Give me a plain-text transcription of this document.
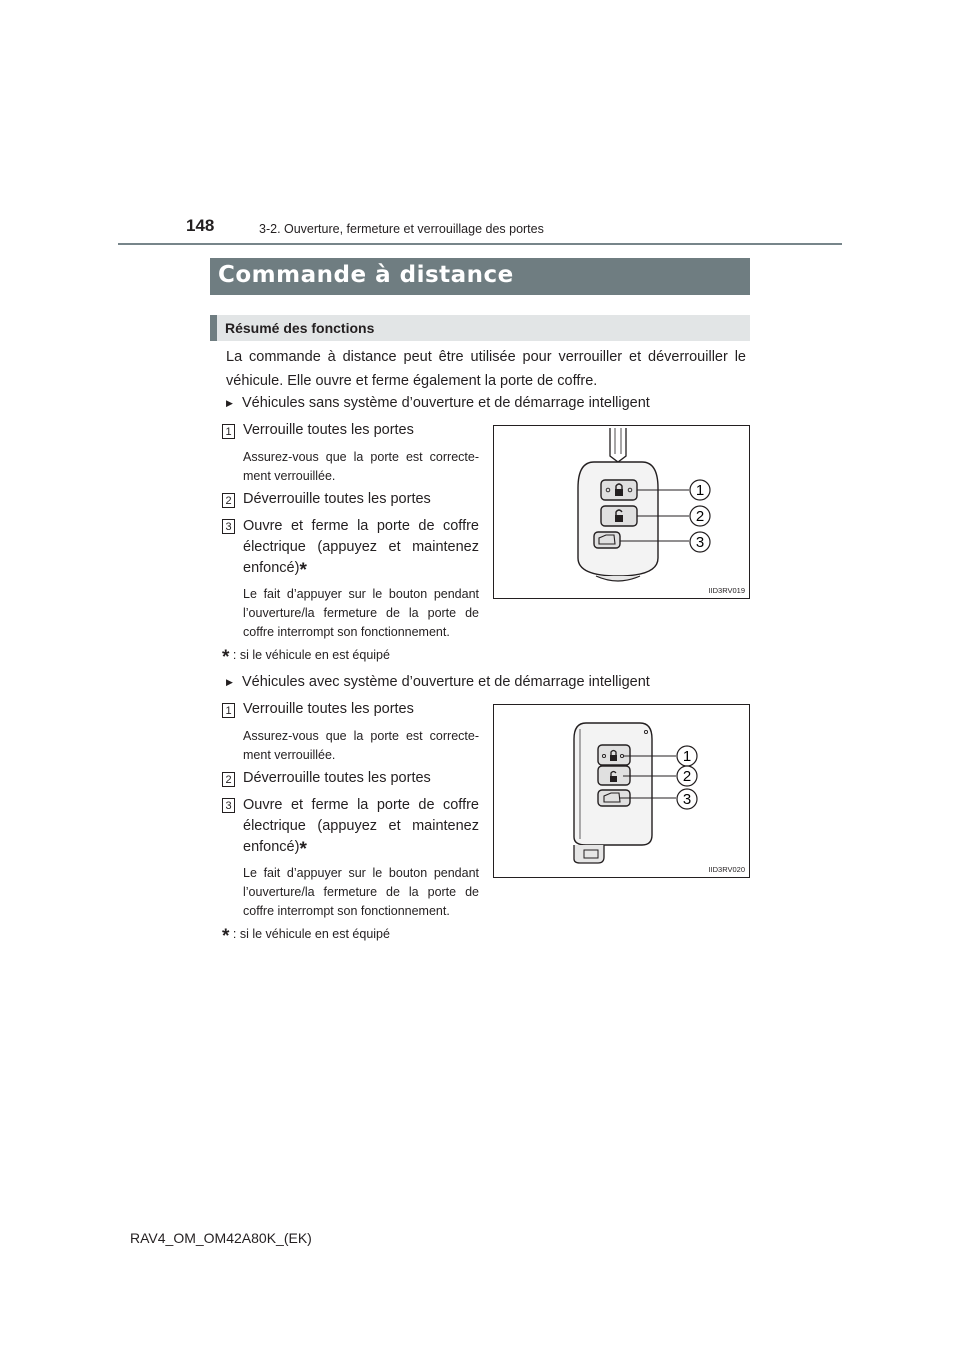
148	3-2. Ouverture, fermeture et verrouillage des portes
Commande à distance
Résumé des fonctions
La commande à distance peut être utilisée pour verrouiller et déverrouiller le véhicule. Elle ouvre et ferme également la porte de coffre.
▶ Véhicules sans système d’ouverture et de démarrage intelligent
1 Verrouille toutes les portes
Assurez-vous que la porte est correctement verrouillée.
2 Déverrouille toutes les portes
3 Ouvre et ferme la porte de coffre électrique (appuyez et maintenez enfoncé)*
Le fait d’appuyer sur le bouton pendant l’ouverture/la fermeture de la porte de coffre interrompt son fonctionnement.
* : si le véhicule en est équipé
1
2
3
IID3RV019
▶ Véhicules avec système d’ouverture et de démarrage intelligent
1 Verrouille toutes les portes
Assurez-vous que la porte est correctement verrouillée.
2 Déverrouille toutes les portes
3 Ouvre et ferme la porte de coffre électrique (appuyez et maintenez enfoncé)*
Le fait d’appuyer sur le bouton pendant l’ouverture/la fermeture de la porte de coffre interrompt son fonctionnement.
* : si le véhicule en est équipé
1
2
3
IID3RV020
RAV4_OM_OM42A80K_(EK)
